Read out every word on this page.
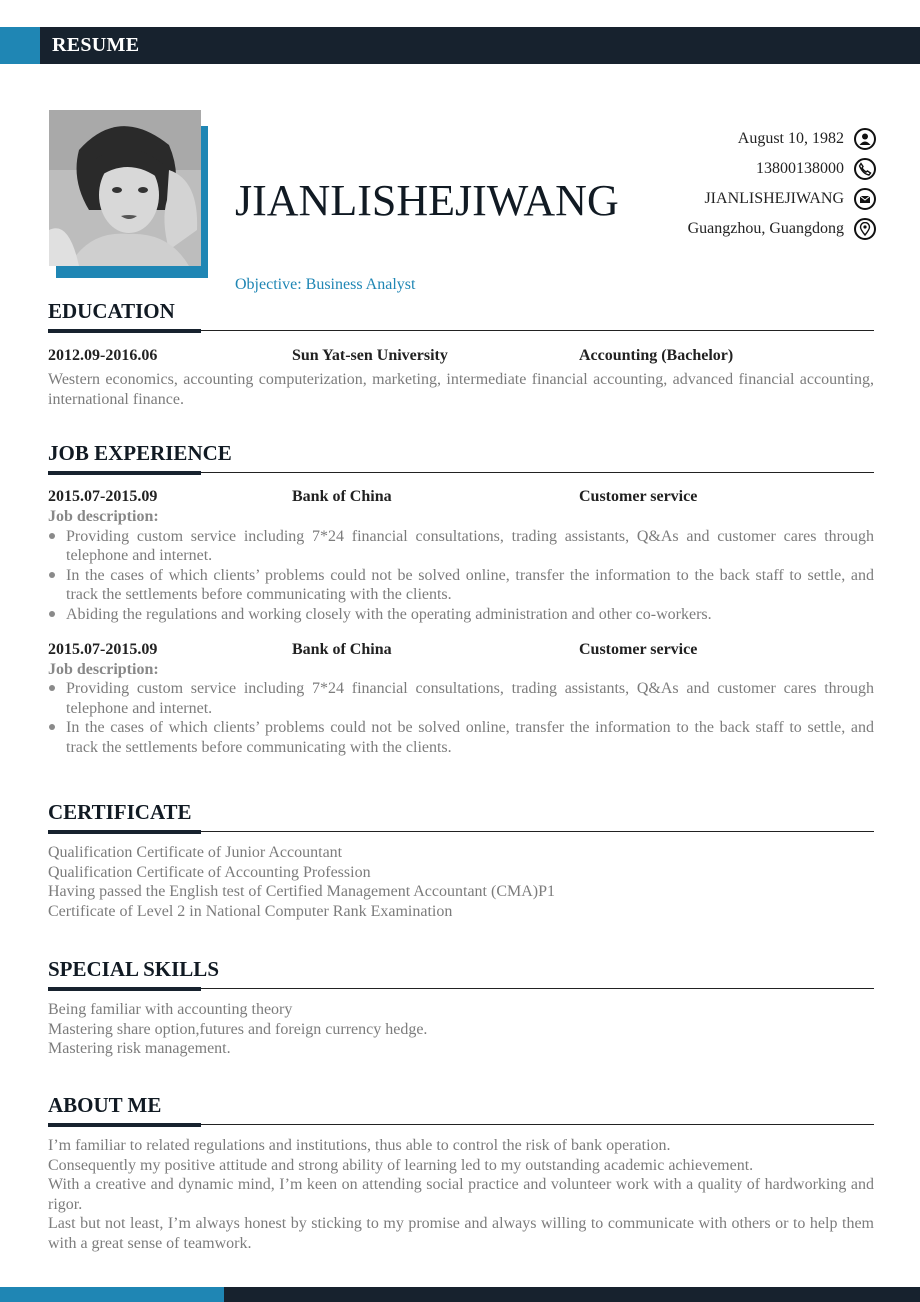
RESUME
JIANLISHEJIWANG
Objective: Business Analyst
August 10, 1982
13800138000
JIANLISHEJIWANG
Guangzhou, Guangdong
EDUCATION
2012.09-2016.06	Sun Yat-sen University	Accounting (Bachelor)
Western economics, accounting computerization, marketing, intermediate financial accounting, advanced financial accounting, international finance.
JOB EXPERIENCE
2015.07-2015.09	Bank of China	Customer service
Job description:
Providing custom service including 7*24 financial consultations, trading assistants, Q&As and customer cares through telephone and internet.
In the cases of which clients’ problems could not be solved online, transfer the information to the back staff to settle, and track the settlements before communicating with the clients.
Abiding the regulations and working closely with the operating administration and other co-workers.
2015.07-2015.09	Bank of China	Customer service
Job description:
Providing custom service including 7*24 financial consultations, trading assistants, Q&As and customer cares through telephone and internet.
In the cases of which clients’ problems could not be solved online, transfer the information to the back staff to settle, and track the settlements before communicating with the clients.
CERTIFICATE
Qualification Certificate of Junior Accountant
Qualification Certificate of Accounting Profession
Having passed the English test of Certified Management Accountant (CMA)P1
Certificate of Level 2 in National Computer Rank Examination
SPECIAL SKILLS
Being familiar with accounting theory
Mastering share option,futures and foreign currency hedge.
Mastering risk management.
ABOUT ME
I’m familiar to related regulations and institutions, thus able to control the risk of bank operation.
Consequently my positive attitude and strong ability of learning led to my outstanding academic achievement.
With a creative and dynamic mind, I’m keen on attending social practice and volunteer work with a quality of hardworking and rigor.
Last but not least, I’m always honest by sticking to my promise and always willing to communicate with others or to help them with a great sense of teamwork.
